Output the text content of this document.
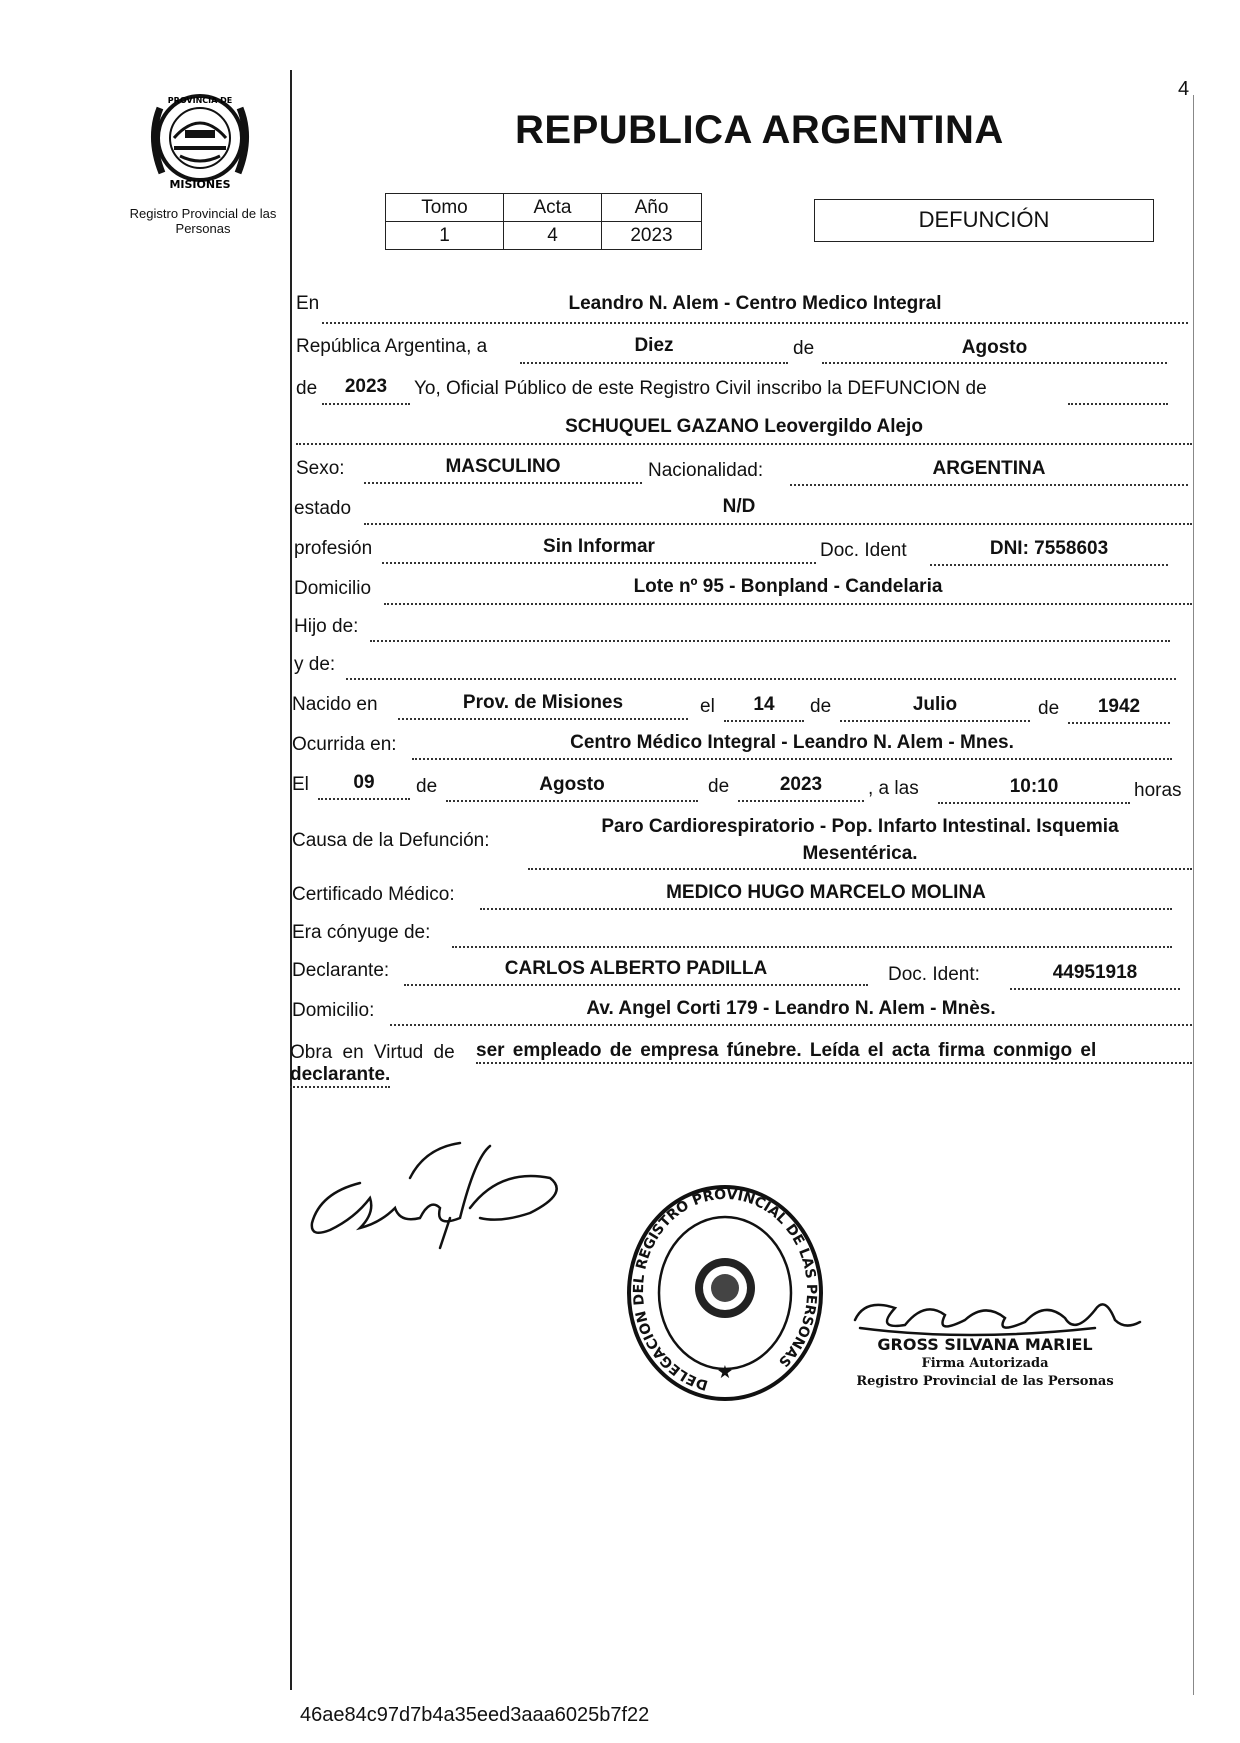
PROVINCIA DE
MISIONES
Registro Provincial de las Personas
4
REPUBLICA ARGENTINA
Tomo	Acta	Año
1	4	2023
DEFUNCIÓN
En	Leandro N. Alem - Centro Medico Integral
República Argentina, a	Diez	de	Agosto
de	2023	Yo, Oficial Público de este Registro Civil inscribo la DEFUNCION de
SCHUQUEL GAZANO Leovergildo Alejo
Sexo:	MASCULINO	Nacionalidad:	ARGENTINA
estado	N/D
profesión	Sin Informar	Doc. Ident	DNI: 7558603
Domicilio	Lote nº 95 - Bonpland - Candelaria
Hijo de:
y de:
Nacido en	Prov. de Misiones	el	14	de	Julio	de	1942
Ocurrida en:	Centro Médico Integral - Leandro N. Alem - Mnes.
El	09	de	Agosto	de	2023	, a las	10:10	horas
Causa de la Defunción:
Paro Cardiorespiratorio - Pop. Infarto Intestinal. Isquemia
Mesentérica.
Certificado Médico:	MEDICO HUGO MARCELO MOLINA
Era cónyuge de:
Declarante:	CARLOS ALBERTO PADILLA	Doc. Ident:	44951918
Domicilio:	Av. Angel Corti 179 - Leandro N. Alem - Mnès.
Obra en Virtud de ser empleado de empresa fúnebre. Leída el acta firma conmigo el
declarante.
DELEGACION DEL REGISTRO PROVINCIAL DE LAS PERSONAS
★
GROSS SILVANA MARIEL
Firma Autorizada
Registro Provincial de las Personas
46ae84c97d7b4a35eed3aaa6025b7f22
